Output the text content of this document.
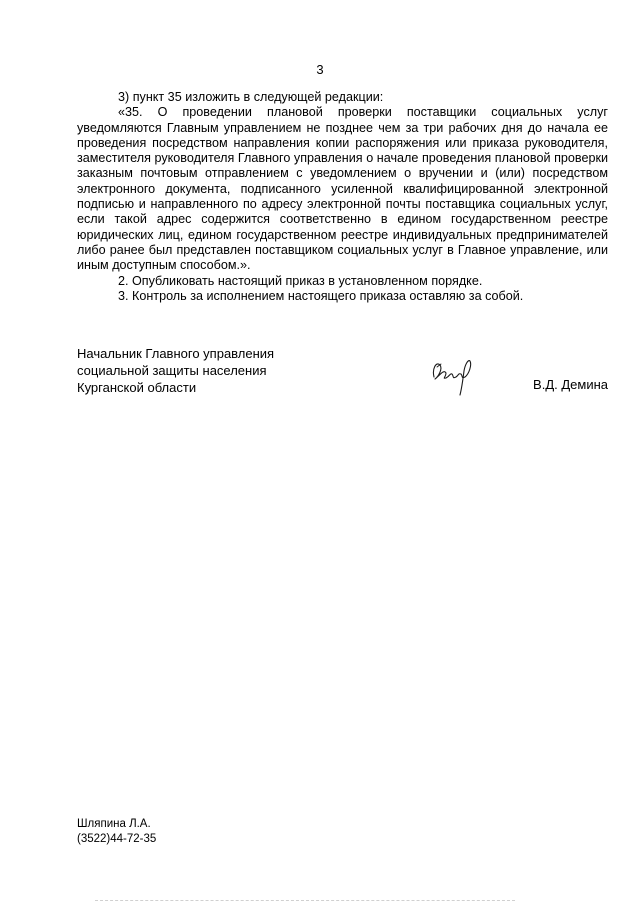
3

3) пункт 35 изложить в следующей редакции:

«35. О проведении плановой проверки поставщики социальных услуг уведомляются Главным управлением не позднее чем за три рабочих дня до начала ее проведения посредством направления копии распоряжения или приказа руководителя, заместителя руководителя Главного управления о начале проведения плановой проверки заказным почтовым отправлением с уведомлением о вручении и (или) посредством электронного документа, подписанного усиленной квалифицированной электронной подписью и направленного по адресу электронной почты поставщика социальных услуг, если такой адрес содержится соответственно в едином государственном реестре юридических лиц, едином государственном реестре индивидуальных предпринимателей либо ранее был представлен поставщиком социальных услуг в Главное управление, или иным доступным способом.».

2. Опубликовать настоящий приказ в установленном порядке.

3. Контроль за исполнением настоящего приказа оставляю за собой.

Начальник Главного управления
социальной защиты населения
Курганской области	В.Д. Демина
Шляпина Л.А.
(3522)44-72-35
